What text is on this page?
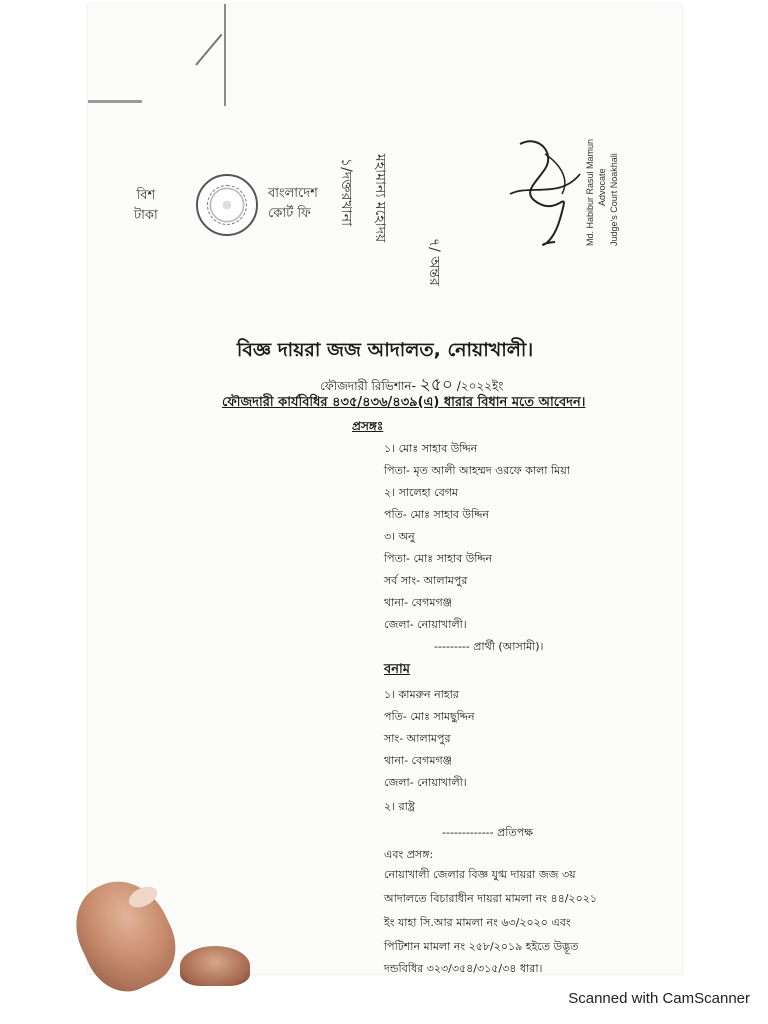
বিশ
টাকা
বাংলাদেশ
কোর্ট ফি	১/দক্তরখানা মহামান্য মহোদয়
৭/ অন্তর
Md. Habibur Rasul Mamun Advocate Judge's Court Noakhali
বিজ্ঞ দায়রা জজ আদালত, নোয়াখালী।
ফৌজদারী রিভিশান- ২৫০ /২০২২ইং
ফৌজদারী কার্যবিধির ৪৩৫/৪৩৬/৪৩৯(এ) ধারার বিধান মতে আবেদন।
প্রসঙ্গঃ
১। মোঃ সাহাব উদ্দিন
পিতা- মৃত আলী আহম্মদ ওরফে কালা মিয়া
২। সালেহা বেগম
পতি- মোঃ সাহাব উদ্দিন
৩। অনু
পিতা- মোঃ সাহাব উদ্দিন
সর্ব সাং- আলামপুর
থানা- বেগমগঞ্জ
জেলা- নোয়াখালী।
--------- প্রার্থী (আসামী)।
বনাম
১। কামরুন নাহার
পতি- মোঃ সামছুদ্দিন
সাং- আলামপুর
থানা- বেগমগঞ্জ
জেলা- নোয়াখালী।
২। রাষ্ট্র
------------- প্রতিপক্ষ
এবং প্রসঙ্গ:
নোয়াখালী জেলার বিজ্ঞ যুগ্ম দায়রা জজ ৩য়
আদালতে বিচারাধীন দায়রা মামলা নং ৪৪/২০২১
ইং যাহা সি.আর মামলা নং ৬৩/২০২০ এবং
পিটিশান মামলা নং ২৫৮/২০১৯ হইতে উদ্ভূত
দন্ডবিধির ৩২৩/৩৫৪/৩১৫/৩৪ ধারা।
Scanned with CamScanner
